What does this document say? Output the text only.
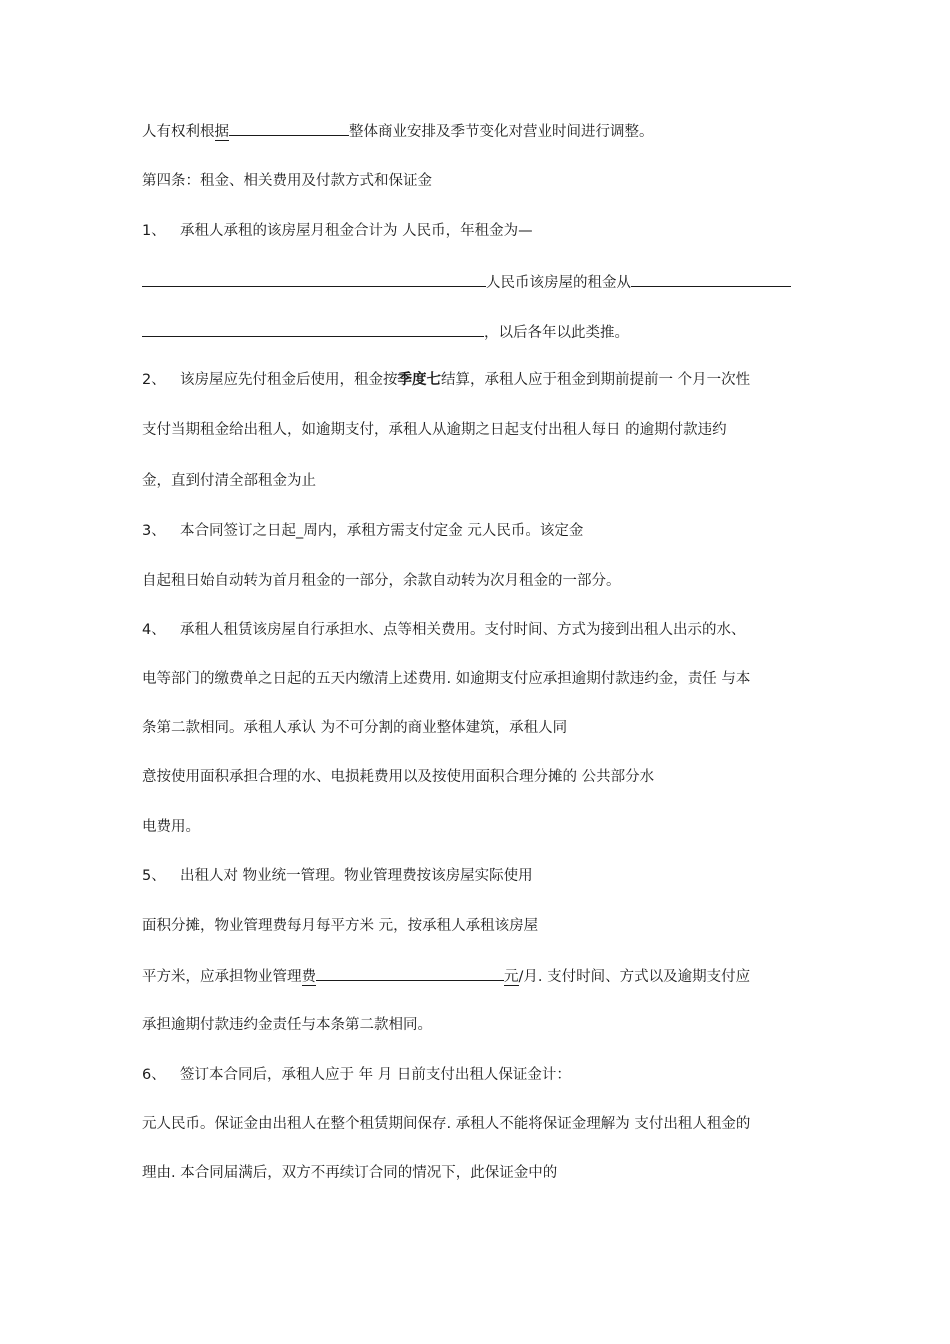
人有权利根据	整体商业安排及季节变化对营业时间进行调整。
第四条：租金、相关费用及付款方式和保证金
1、 承租人承租的该房屋月租金合计为 人民币，年租金为—
人民币该房屋的租金从
，以后各年以此类推。
2、 该房屋应先付租金后使用，租金按季度七结算，承租人应于租金到期前提前一 个月一次性
支付当期租金给出租人，如逾期支付，承租人从逾期之日起支付出租人每日 的逾期付款违约
金，直到付清全部租金为止
3、 本合同签订之日起_周内，承租方需支付定金 元人民币。该定金
自起租日始自动转为首月租金的一部分，余款自动转为次月租金的一部分。
4、 承租人租赁该房屋自行承担水、点等相关费用。支付时间、方式为接到出租人出示的水、
电等部门的缴费单之日起的五天内缴清上述费用. 如逾期支付应承担逾期付款违约金，责任 与本
条第二款相同。承租人承认 为不可分割的商业整体建筑，承租人同
意按使用面积承担合理的水、电损耗费用以及按使用面积合理分摊的 公共部分水
电费用。
5、 出租人对 物业统一管理。物业管理费按该房屋实际使用
面积分摊，物业管理费每月每平方米 元，按承租人承租该房屋
平方米，应承担物业管理费	元/月. 支付时间、方式以及逾期支付应
承担逾期付款违约金责任与本条第二款相同。
6、 签订本合同后，承租人应于 年 月 日前支付出租人保证金计：
元人民币。保证金由出租人在整个租赁期间保存. 承租人不能将保证金理解为 支付出租人租金的
理由. 本合同届满后，双方不再续订合同的情况下，此保证金中的
